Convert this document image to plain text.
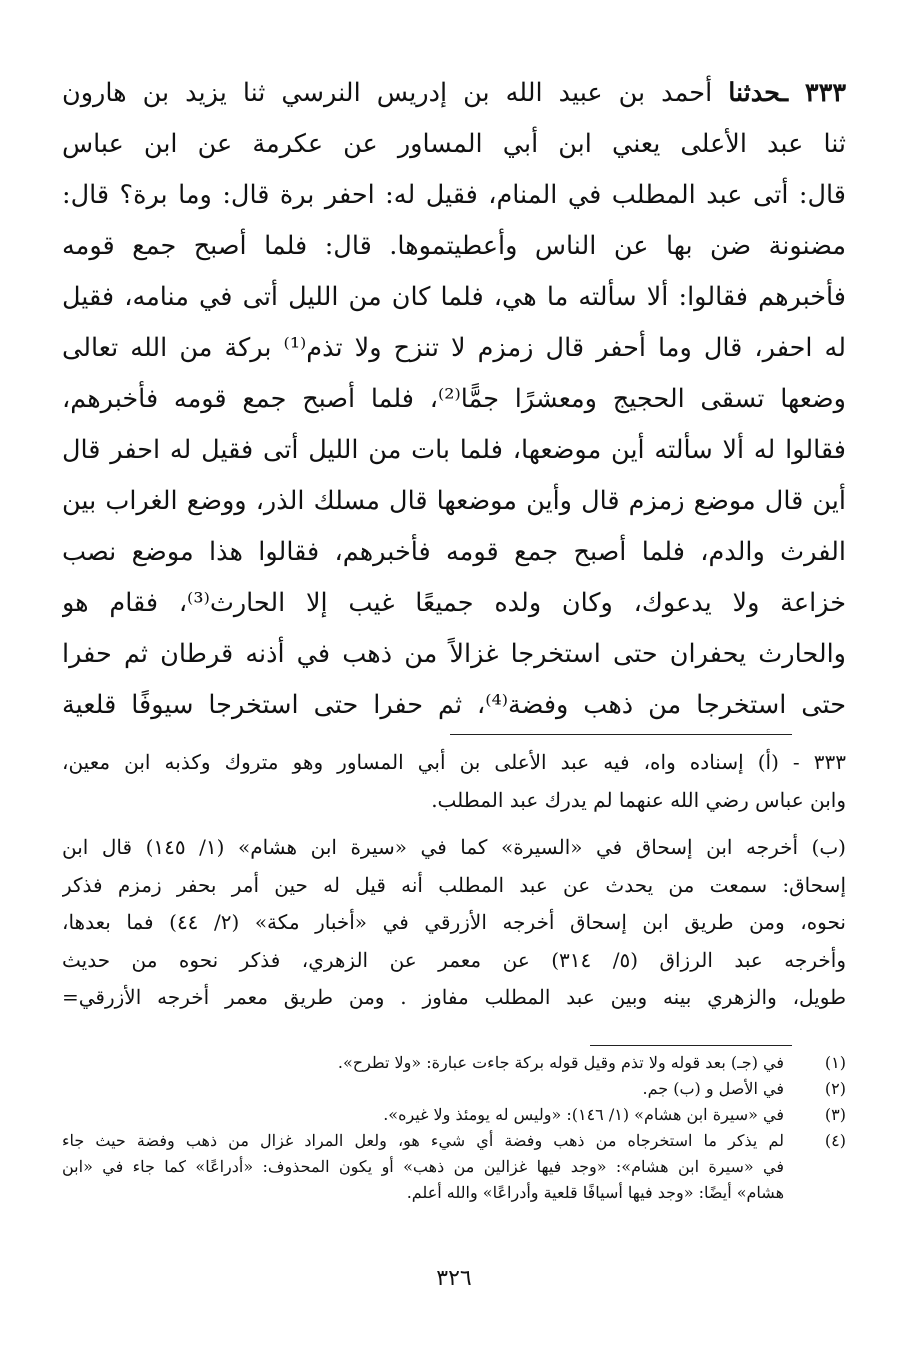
٣٣٣ ـحدثنا أحمد بن عبيد الله بن إدريس النرسي ثنا يزيد بن هارون
ثنا عبد الأعلى يعني ابن أبي المساور عن عكرمة عن ابن عباس
قال: أتى عبد المطلب في المنام، فقيل له: احفر برة قال: وما برة؟ قال:
مضنونة ضن بها عن الناس وأعطيتموها. قال: فلما أصبح جمع قومه
فأخبرهم فقالوا: ألا سألته ما هي، فلما كان من الليل أتى في منامه، فقيل
له احفر، قال وما أحفر قال زمزم لا تنزح ولا تذم⁽¹⁾ بركة من الله تعالى
وضعها تسقى الحجيج ومعشرًا جمًّا⁽²⁾، فلما أصبح جمع قومه فأخبرهم،
فقالوا له ألا سألته أين موضعها، فلما بات من الليل أتى فقيل له احفر قال
أين قال موضع زمزم قال وأين موضعها قال مسلك الذر، ووضع الغراب بين
الفرث والدم، فلما أصبح جمع قومه فأخبرهم، فقالوا هذا موضع نصب
خزاعة ولا يدعوك، وكان ولده جميعًا غيب إلا الحارث⁽³⁾، فقام هو
والحارث يحفران حتى استخرجا غزالاً من ذهب في أذنه قرطان ثم حفرا
حتى استخرجا من ذهب وفضة⁽⁴⁾، ثم حفرا حتى استخرجا سيوفًا قلعية
٣٣٣ - (أ) إسناده واه، فيه عبد الأعلى بن أبي المساور وهو متروك وكذبه ابن معين،
وابن عباس رضي الله عنهما لم يدرك عبد المطلب.
(ب) أخرجه ابن إسحاق في «السيرة» كما في «سيرة ابن هشام» (١/ ١٤٥) قال ابن
إسحاق: سمعت من يحدث عن عبد المطلب أنه قيل له حين أمر بحفر زمزم فذكر
نحوه، ومن طريق ابن إسحاق أخرجه الأزرقي في «أخبار مكة» (٢/ ٤٤) فما بعدها،
وأخرجه عبد الرزاق (٥/ ٣١٤) عن معمر عن الزهري، فذكر نحوه من حديث
طويل، والزهري بينه وبين عبد المطلب مفاوز . ومن طريق معمر أخرجه الأزرقي=
(١)
في (جـ) بعد قوله ولا تذم وقيل قوله بركة جاءت عبارة: «ولا تطرح».
(٢)
في الأصل و (ب) جم.
(٣)
في «سيرة ابن هشام» (١/ ١٤٦): «وليس له يومئذ ولا غيره».
(٤)
لم يذكر ما استخرجاه من ذهب وفضة أي شيء هو، ولعل المراد غزال من ذهب وفضة حيث جاء
في «سيرة ابن هشام»: «وجد فيها غزالين من ذهب» أو يكون المحذوف: «أدراعًا» كما جاء في «ابن
هشام» أيضًا: «وجد فيها أسيافًا قلعية وأدراعًا» والله أعلم.
٣٢٦
